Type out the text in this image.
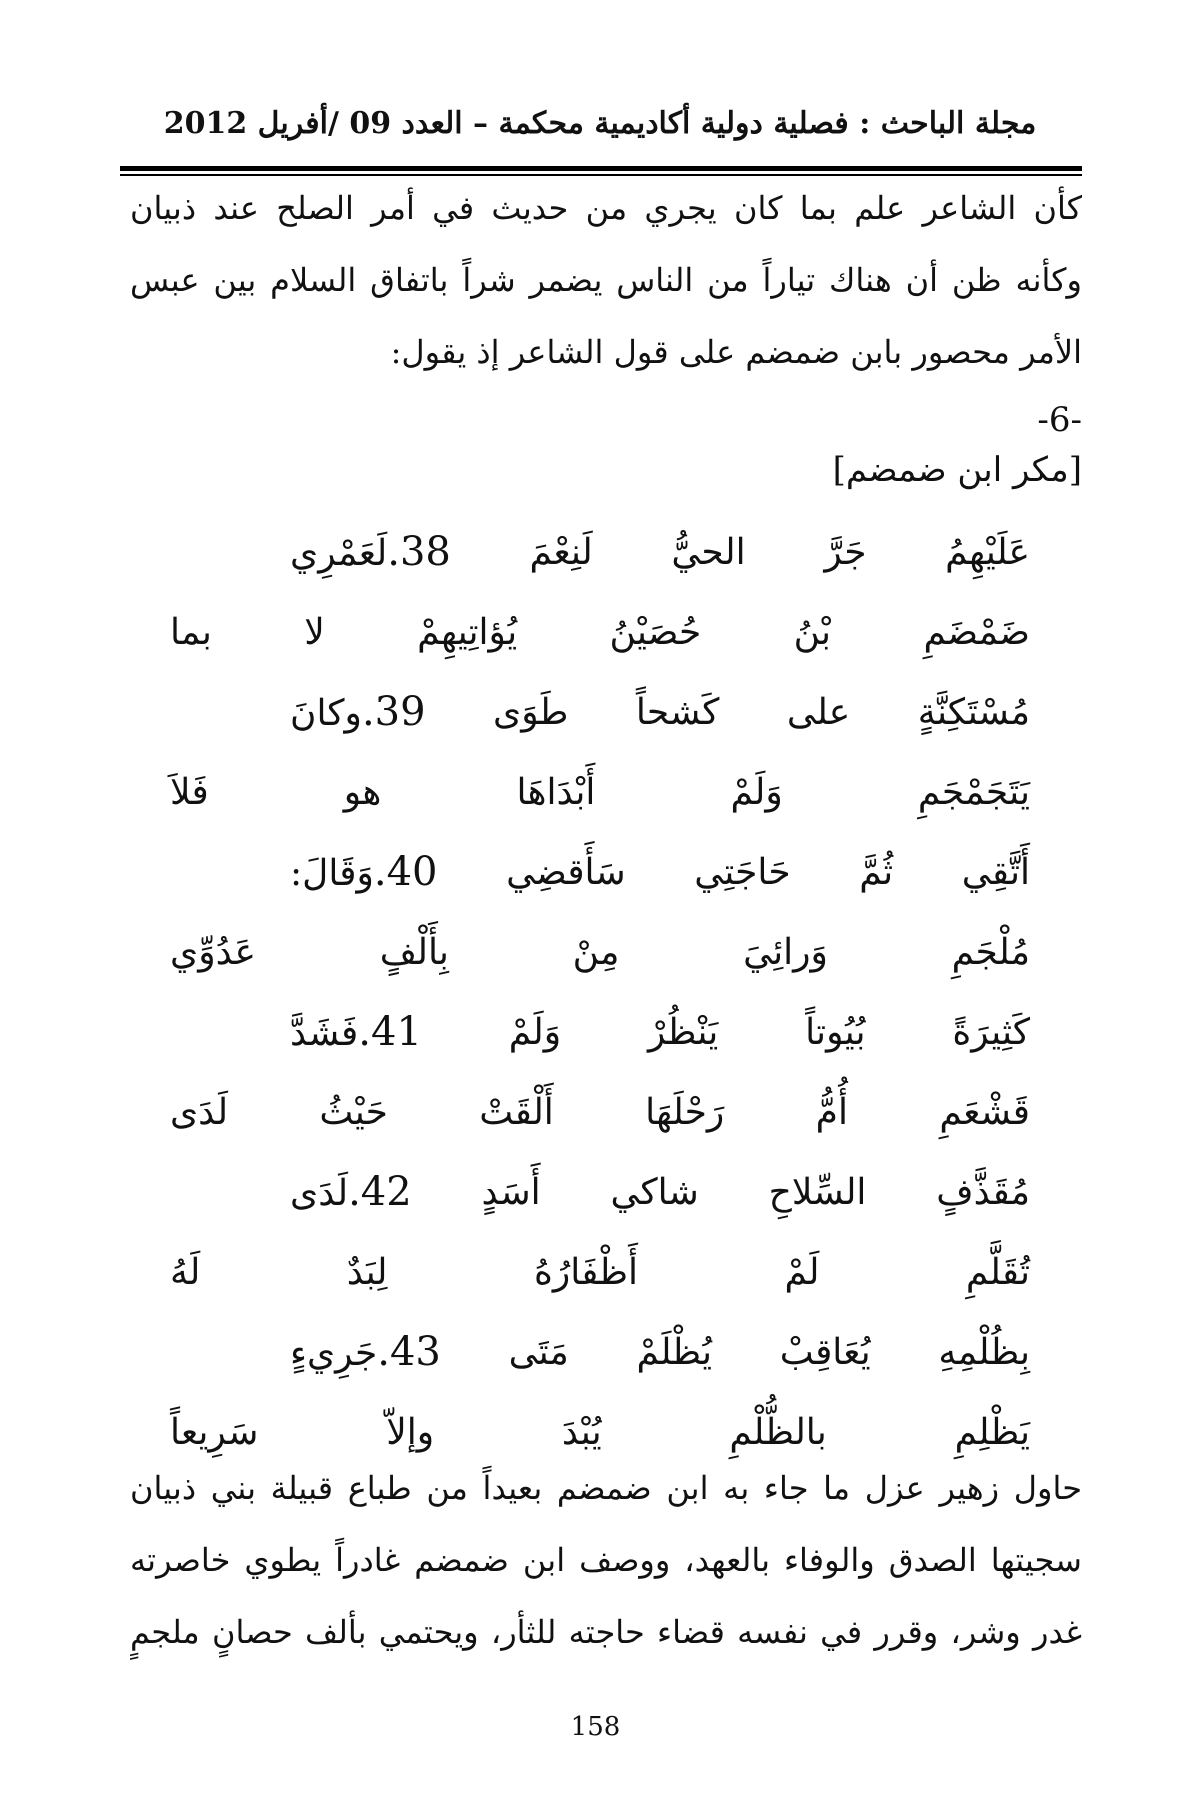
مجلة الباحث : فصلية دولية أكاديمية محكمة – العدد 09 /أفريل 2012
كأن الشاعر علم بما كان يجري من حديث في أمر الصلح عند ذبيان
وكأنه ظن أن هناك تياراً من الناس يضمر شراً باتفاق السلام بين عبس
الأمر محصور بابن ضمضم على قول الشاعر إذ يقول:
-6-
[مكر ابن ضمضم]
38.لَعَمْرِي	لَنِعْمَ الحيُّ جَرَّ عَلَيْهِمُ
بما	لا	يُؤاتِيهِمْ	حُصَيْنُ	بْنُ	ضَمْضَمِ
39.وكانَ	طَوَى كَشحاً على مُسْتَكِنَّةٍ
فَلاَ	هو	أَبْدَاهَا	وَلَمْ	يَتَجَمْجَمِ
40.وَقَالَ:	سَأَقضِي حَاجَتِي ثُمَّ أَتَّقِي
عَدُوِّي	بِأَلْفٍ	مِنْ	وَرائِيَ	مُلْجَمِ
41.فَشَدَّ	وَلَمْ يَنْظُرْ بُيُوتاً كَثِيرَةً
لَدَى	حَيْثُ	أَلْقَتْ	رَحْلَهَا	أُمُّ	قَشْعَمِ
42.لَدَى	أَسَدٍ شاكي السِّلاحِ مُقَذَّفٍ
لَهُ	لِبَدٌ	أَظْفَارُهُ	لَمْ	تُقَلَّمِ
43.جَرِيءٍ	مَتَى يُظْلَمْ يُعَاقِبْ بِظُلْمِهِ
سَرِيعاً	وإلاّ	يُبْدَ	بالظُّلْمِ	يَظْلِمِ
حاول زهير عزل ما جاء به ابن ضمضم بعيداً من طباع قبيلة بني ذبيان
سجيتها الصدق والوفاء بالعهد، ووصف ابن ضمضم غادراً يطوي خاصرته
غدر وشر، وقرر في نفسه قضاء حاجته للثأر، ويحتمي بألف حصانٍ ملجمٍ
158
